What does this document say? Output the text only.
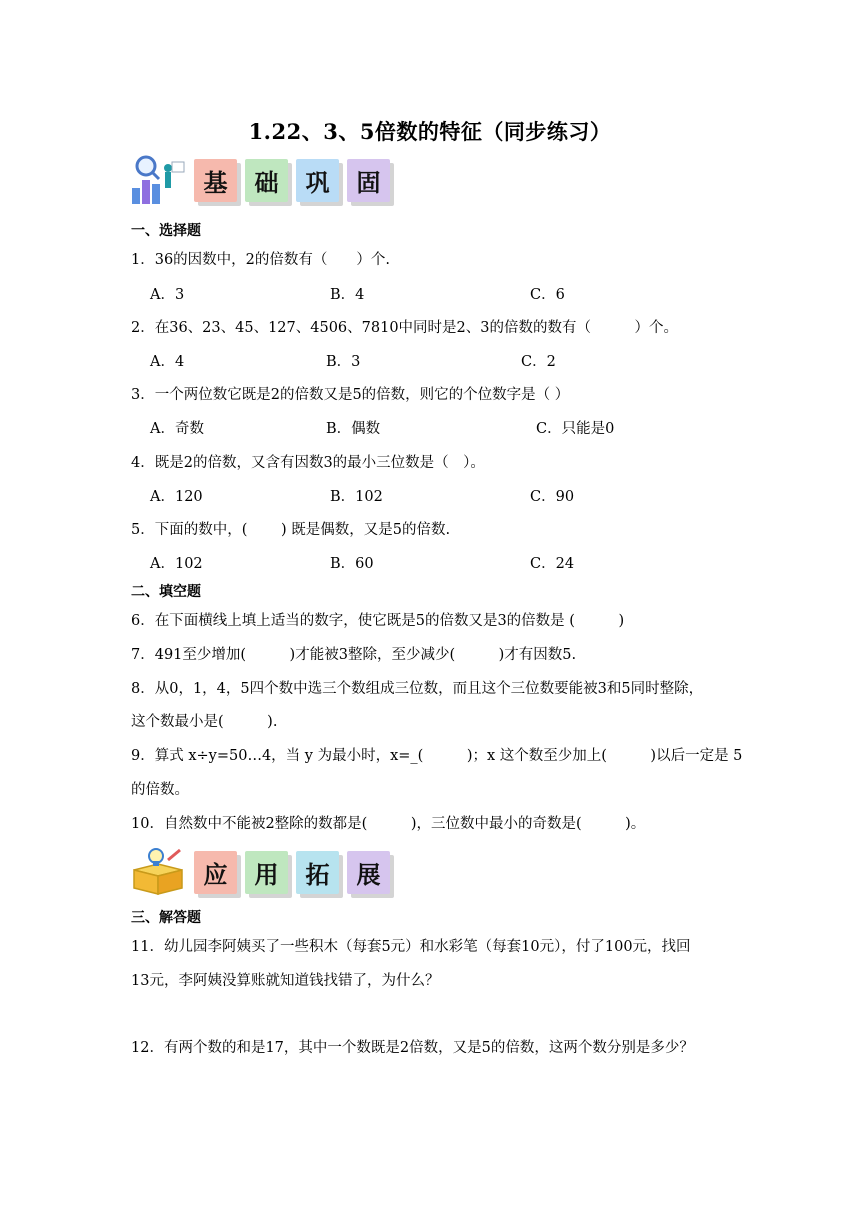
1.22、3、5倍数的特征（同步练习）
基	础	巩	固
一、选择题
1．36的因数中，2的倍数有（　　）个.
A．3	B．4	C．6
2．在36、23、45、127、4506、7810中同时是2、3的倍数的数有（　　　）个。
A．4	B．3	C．2
3．一个两位数它既是2的倍数又是5的倍数，则它的个位数字是（ ）
A．奇数	B．偶数	C．只能是0
4．既是2的倍数，又含有因数3的最小三位数是（　）。
A．120	B．102	C．90
5．下面的数中，(　　 ) 既是偶数，又是5的倍数.
A．102	B．60	C．24
二、填空题
6．在下面横线上填上适当的数字，使它既是5的倍数又是3的倍数是 (　　　)
7．491至少增加(　　　)才能被3整除，至少减少(　　　)才有因数5.
8．从0，1，4，5四个数中选三个数组成三位数，而且这个三位数要能被3和5同时整除，
这个数最小是(　　　).
9．算式 x÷y=50…4，当 y 为最小时，x=_(　　　)；x 这个数至少加上(　　　)以后一定是 5
的倍数。
10．自然数中不能被2整除的数都是(　　　)，三位数中最小的奇数是(　　　)。
应	用	拓	展
三、解答题
11．幼儿园李阿姨买了一些积木（每套5元）和水彩笔（每套10元），付了100元，找回
13元，李阿姨没算账就知道钱找错了，为什么？
12．有两个数的和是17，其中一个数既是2倍数，又是5的倍数，这两个数分别是多少？
